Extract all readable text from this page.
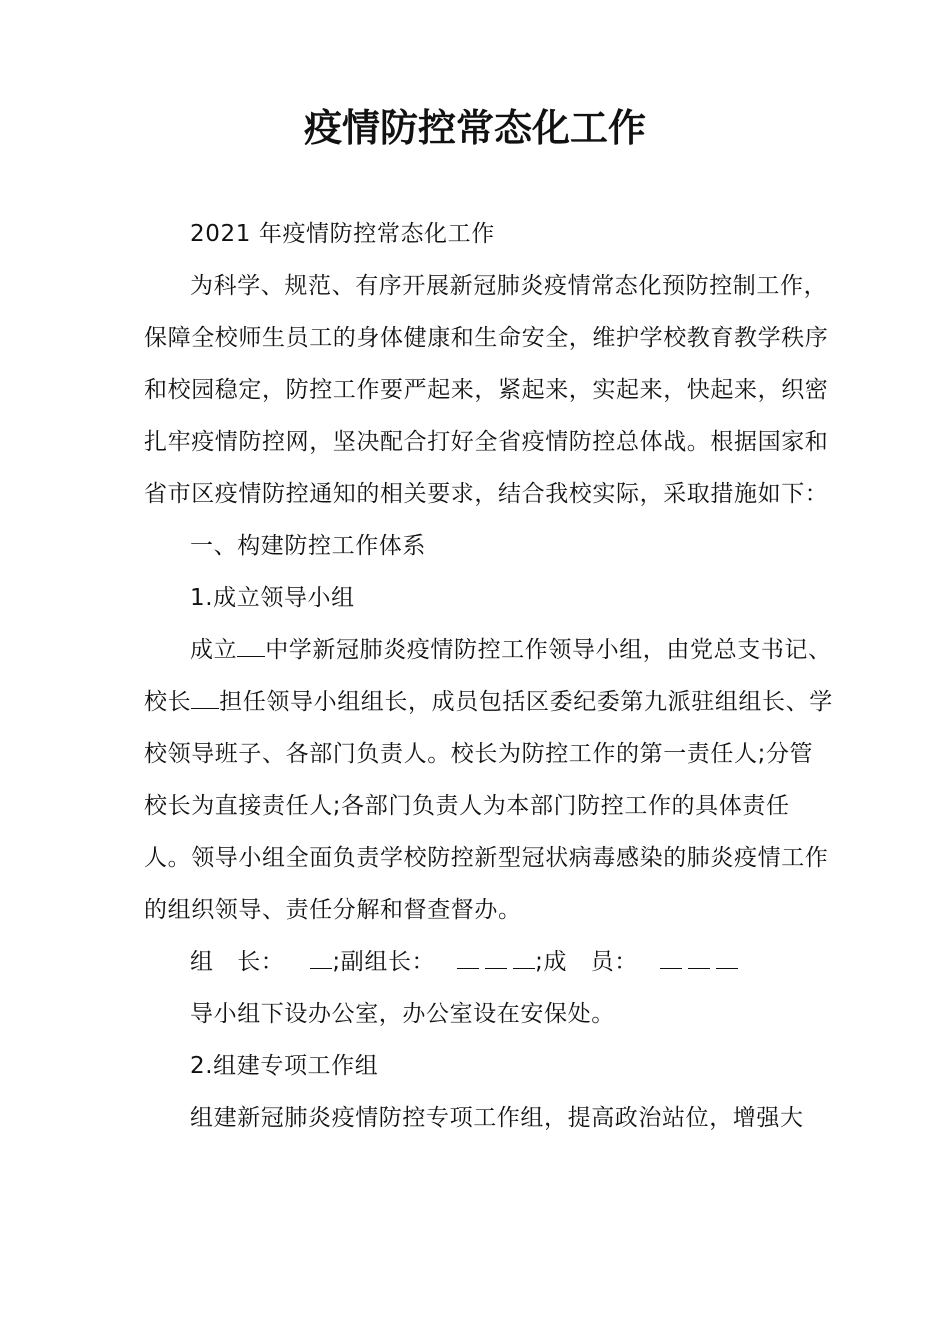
疫情防控常态化工作

2021 年疫情防控常态化工作

为科学、规范、有序开展新冠肺炎疫情常态化预防控制工作，保障全校师生员工的身体健康和生命安全，维护学校教育教学秩序和校园稳定，防控工作要严起来，紧起来，实起来，快起来，织密扎牢疫情防控网，坚决配合打好全省疫情防控总体战。根据国家和省市区疫情防控通知的相关要求，结合我校实际，采取措施如下：

一、构建防控工作体系

1.成立领导小组

成立 中学新冠肺炎疫情防控工作领导小组，由党总支书记、校长 担任领导小组组长，成员包括区委纪委第九派驻组组长、学校领导班子、各部门负责人。校长为防控工作的第一责任人;分管校长为直接责任人;各部门负责人为本部门防控工作的具体责任人。领导小组全面负责学校防控新型冠状病毒感染的肺炎疫情工作的组织领导、责任分解和督查督办。

组　长： ;副组长：	;成　员：

导小组下设办公室，办公室设在安保处。

2.组建专项工作组

组建新冠肺炎疫情防控专项工作组，提高政治站位，增强大
